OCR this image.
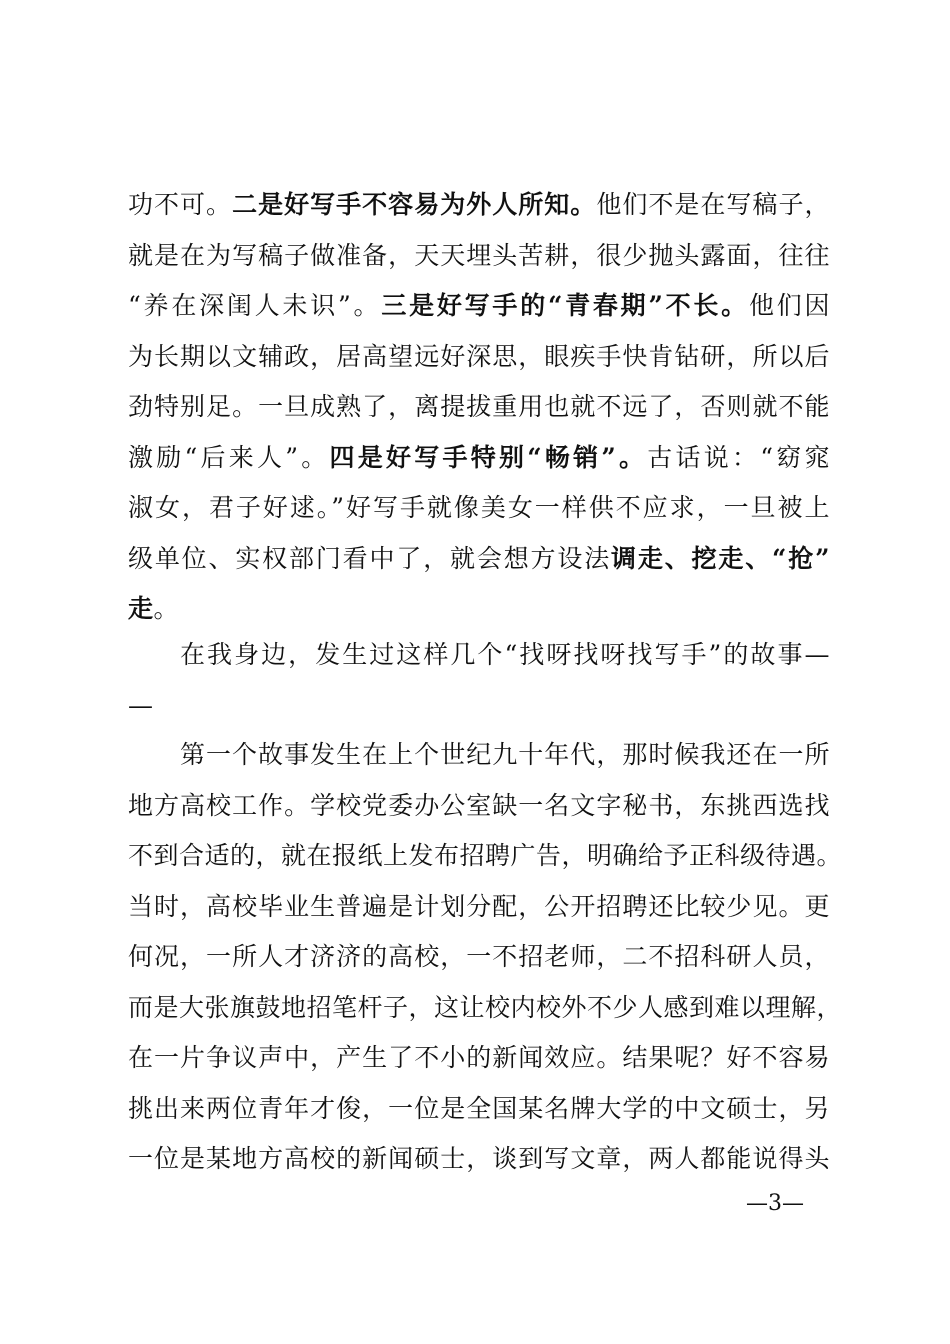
功不可。二是好写手不容易为外人所知。他们不是在写稿子，
就是在为写稿子做准备，天天埋头苦耕，很少抛头露面，往往
“养在深闺人未识”。三是好写手的“青春期”不长。他们因
为长期以文辅政，居高望远好深思，眼疾手快肯钻研，所以后
劲特别足。一旦成熟了，离提拔重用也就不远了，否则就不能
激励“后来人”。四是好写手特别“畅销”。古话说：“窈窕
淑女，君子好逑。”好写手就像美女一样供不应求，一旦被上
级单位、实权部门看中了，就会想方设法调走、挖走、“抢”
走。
在我身边，发生过这样几个“找呀找呀找写手”的故事—
—
第一个故事发生在上个世纪九十年代，那时候我还在一所
地方高校工作。学校党委办公室缺一名文字秘书，东挑西选找
不到合适的，就在报纸上发布招聘广告，明确给予正科级待遇。
当时，高校毕业生普遍是计划分配，公开招聘还比较少见。更
何况，一所人才济济的高校，一不招老师，二不招科研人员，
而是大张旗鼓地招笔杆子，这让校内校外不少人感到难以理解，
在一片争议声中，产生了不小的新闻效应。结果呢？好不容易
挑出来两位青年才俊，一位是全国某名牌大学的中文硕士，另
一位是某地方高校的新闻硕士，谈到写文章，两人都能说得头
—3—
